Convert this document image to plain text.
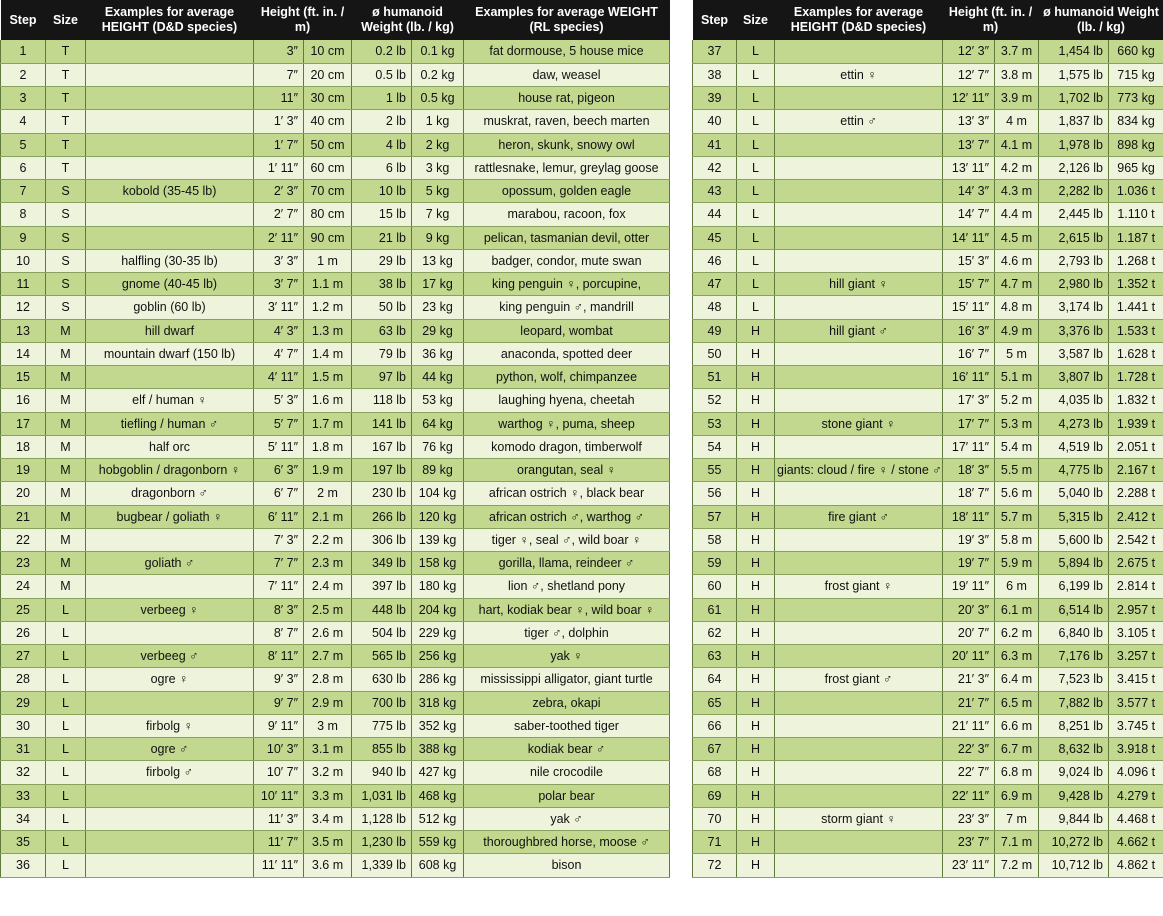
Step	Size	Examples for average HEIGHT (D&D species)	Height (ft. in. / m)		ø humanoid Weight (lb. / kg)		Examples for average WEIGHT (RL species)
1	T		3″	10 cm	0.2 lb	0.1 kg	fat dormouse, 5 house mice
2	T		7″	20 cm	0.5 lb	0.2 kg	daw, weasel
3	T		11″	30 cm	1 lb	0.5 kg	house rat, pigeon
4	T		1′ 3″	40 cm	2 lb	1 kg	muskrat, raven, beech marten
5	T		1′ 7″	50 cm	4 lb	2 kg	heron, skunk, snowy owl
6	T		1′ 11″	60 cm	6 lb	3 kg	rattlesnake, lemur, greylag goose
7	S	kobold (35-45 lb)	2′ 3″	70 cm	10 lb	5 kg	opossum, golden eagle
8	S		2′ 7″	80 cm	15 lb	7 kg	marabou, racoon, fox
9	S		2′ 11″	90 cm	21 lb	9 kg	pelican, tasmanian devil, otter
10	S	halfling (30-35 lb)	3′ 3″	1 m	29 lb	13 kg	badger, condor, mute swan
11	S	gnome (40-45 lb)	3′ 7″	1.1 m	38 lb	17 kg	king penguin ♀, porcupine,
12	S	goblin (60 lb)	3′ 11″	1.2 m	50 lb	23 kg	king penguin ♂, mandrill
13	M	hill dwarf	4′ 3″	1.3 m	63 lb	29 kg	leopard, wombat
14	M	mountain dwarf (150 lb)	4′ 7″	1.4 m	79 lb	36 kg	anaconda, spotted deer
15	M		4′ 11″	1.5 m	97 lb	44 kg	python, wolf, chimpanzee
16	M	elf / human ♀	5′ 3″	1.6 m	118 lb	53 kg	laughing hyena, cheetah
17	M	tiefling / human ♂	5′ 7″	1.7 m	141 lb	64 kg	warthog ♀, puma, sheep
18	M	half orc	5′ 11″	1.8 m	167 lb	76 kg	komodo dragon, timberwolf
19	M	hobgoblin / dragonborn ♀	6′ 3″	1.9 m	197 lb	89 kg	orangutan, seal ♀
20	M	dragonborn ♂	6′ 7″	2 m	230 lb	104 kg	african ostrich ♀, black bear
21	M	bugbear / goliath ♀	6′ 11″	2.1 m	266 lb	120 kg	african ostrich ♂, warthog ♂
22	M		7′ 3″	2.2 m	306 lb	139 kg	tiger ♀, seal ♂, wild boar ♀
23	M	goliath ♂	7′ 7″	2.3 m	349 lb	158 kg	gorilla, llama, reindeer ♂
24	M		7′ 11″	2.4 m	397 lb	180 kg	lion ♂, shetland pony
25	L	verbeeg ♀	8′ 3″	2.5 m	448 lb	204 kg	hart, kodiak bear ♀, wild boar ♀
26	L		8′ 7″	2.6 m	504 lb	229 kg	tiger ♂, dolphin
27	L	verbeeg ♂	8′ 11″	2.7 m	565 lb	256 kg	yak ♀
28	L	ogre ♀	9′ 3″	2.8 m	630 lb	286 kg	mississippi alligator, giant turtle
29	L		9′ 7″	2.9 m	700 lb	318 kg	zebra, okapi
30	L	firbolg ♀	9′ 11″	3 m	775 lb	352 kg	saber-toothed tiger
31	L	ogre ♂	10′ 3″	3.1 m	855 lb	388 kg	kodiak bear ♂
32	L	firbolg ♂	10′ 7″	3.2 m	940 lb	427 kg	nile crocodile
33	L		10′ 11″	3.3 m	1,031 lb	468 kg	polar bear
34	L		11′ 3″	3.4 m	1,128 lb	512 kg	yak ♂
35	L		11′ 7″	3.5 m	1,230 lb	559 kg	thoroughbred horse, moose ♂
36	L		11′ 11″	3.6 m	1,339 lb	608 kg	bison
Step	Size	Examples for average HEIGHT (D&D species)	Height (ft. in. / m)		ø humanoid Weight (lb. / kg)	
37	L		12′ 3″	3.7 m	1,454 lb	660 kg
38	L	ettin ♀	12′ 7″	3.8 m	1,575 lb	715 kg
39	L		12′ 11″	3.9 m	1,702 lb	773 kg
40	L	ettin ♂	13′ 3″	4 m	1,837 lb	834 kg
41	L		13′ 7″	4.1 m	1,978 lb	898 kg
42	L		13′ 11″	4.2 m	2,126 lb	965 kg
43	L		14′ 3″	4.3 m	2,282 lb	1.036 t
44	L		14′ 7″	4.4 m	2,445 lb	1.110 t
45	L		14′ 11″	4.5 m	2,615 lb	1.187 t
46	L		15′ 3″	4.6 m	2,793 lb	1.268 t
47	L	hill giant ♀	15′ 7″	4.7 m	2,980 lb	1.352 t
48	L		15′ 11″	4.8 m	3,174 lb	1.441 t
49	H	hill giant ♂	16′ 3″	4.9 m	3,376 lb	1.533 t
50	H		16′ 7″	5 m	3,587 lb	1.628 t
51	H		16′ 11″	5.1 m	3,807 lb	1.728 t
52	H		17′ 3″	5.2 m	4,035 lb	1.832 t
53	H	stone giant ♀	17′ 7″	5.3 m	4,273 lb	1.939 t
54	H		17′ 11″	5.4 m	4,519 lb	2.051 t
55	H	giants: cloud / fire ♀ / stone ♂	18′ 3″	5.5 m	4,775 lb	2.167 t
56	H		18′ 7″	5.6 m	5,040 lb	2.288 t
57	H	fire giant ♂	18′ 11″	5.7 m	5,315 lb	2.412 t
58	H		19′ 3″	5.8 m	5,600 lb	2.542 t
59	H		19′ 7″	5.9 m	5,894 lb	2.675 t
60	H	frost giant ♀	19′ 11″	6 m	6,199 lb	2.814 t
61	H		20′ 3″	6.1 m	6,514 lb	2.957 t
62	H		20′ 7″	6.2 m	6,840 lb	3.105 t
63	H		20′ 11″	6.3 m	7,176 lb	3.257 t
64	H	frost giant ♂	21′ 3″	6.4 m	7,523 lb	3.415 t
65	H		21′ 7″	6.5 m	7,882 lb	3.577 t
66	H		21′ 11″	6.6 m	8,251 lb	3.745 t
67	H		22′ 3″	6.7 m	8,632 lb	3.918 t
68	H		22′ 7″	6.8 m	9,024 lb	4.096 t
69	H		22′ 11″	6.9 m	9,428 lb	4.279 t
70	H	storm giant ♀	23′ 3″	7 m	9,844 lb	4.468 t
71	H		23′ 7″	7.1 m	10,272 lb	4.662 t
72	H		23′ 11″	7.2 m	10,712 lb	4.862 t
